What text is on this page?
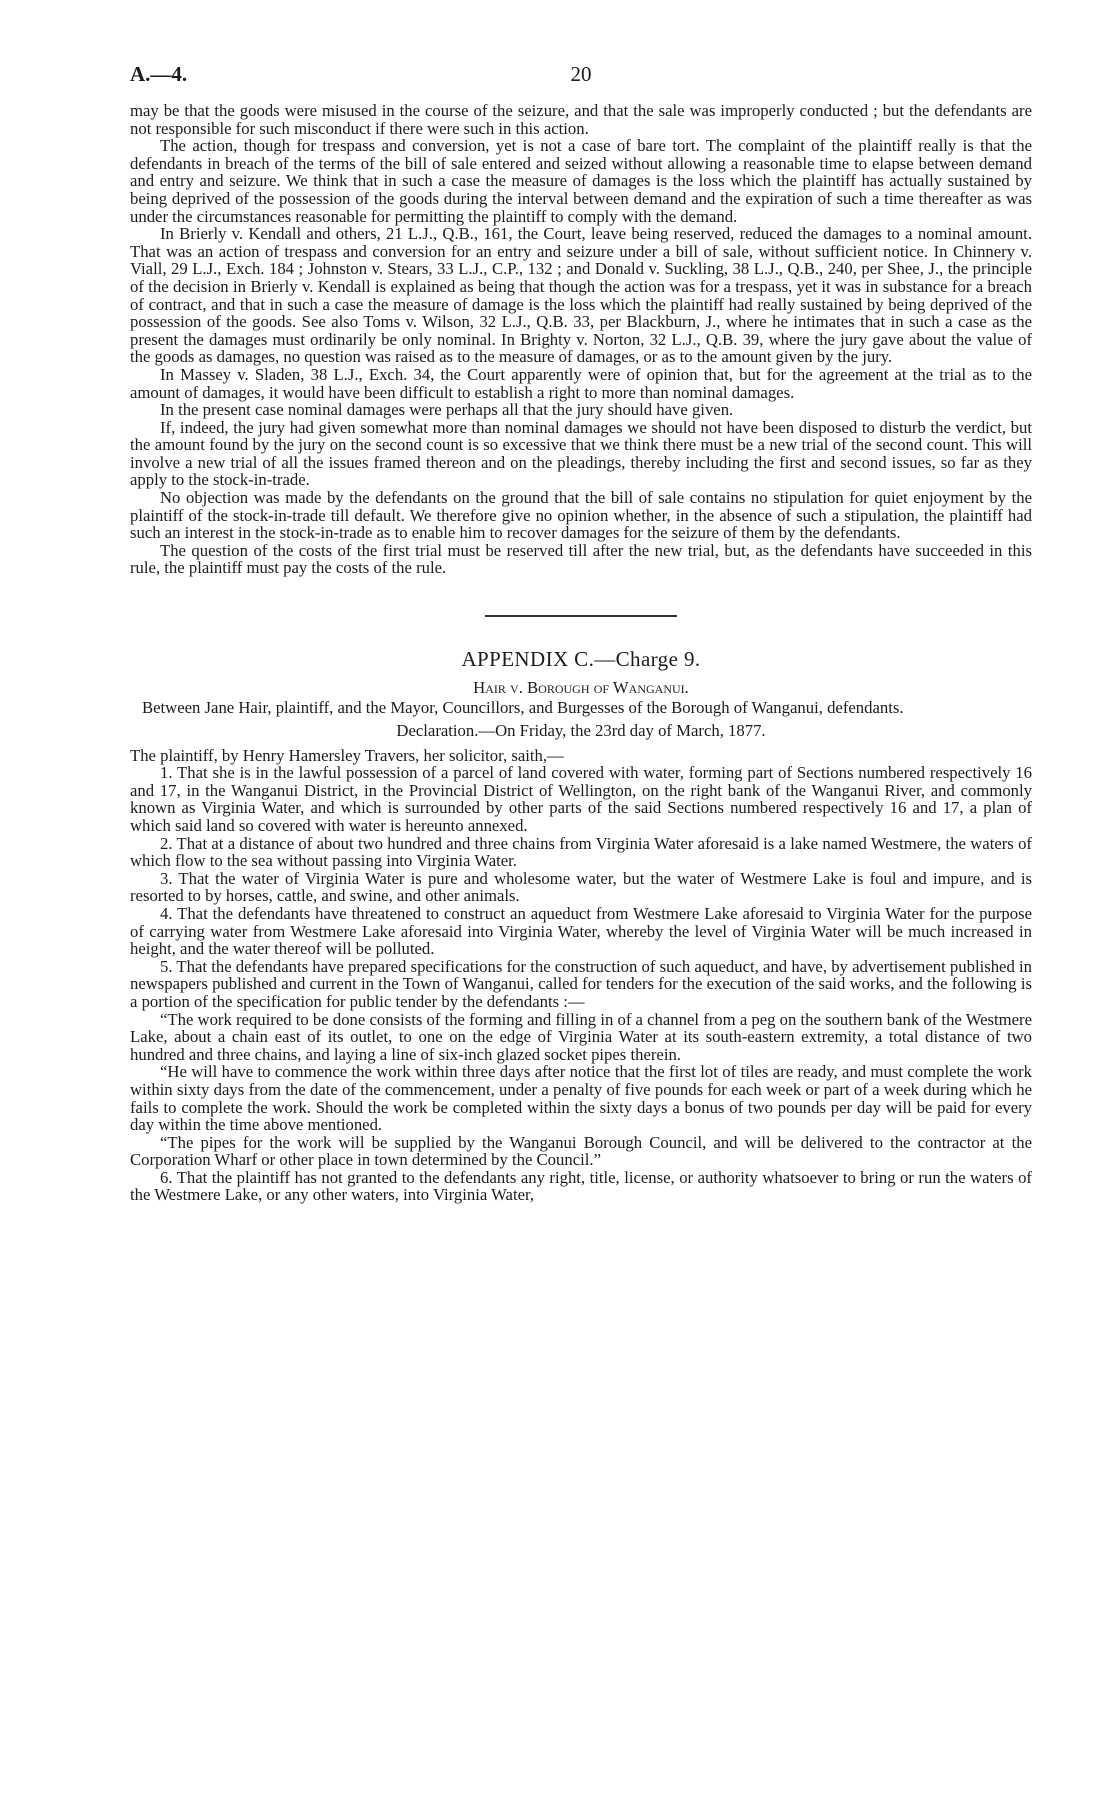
A.—4.	20

may be that the goods were misused in the course of the seizure, and that the sale was improperly conducted ; but the defendants are not responsible for such misconduct if there were such in this action.

The action, though for trespass and conversion, yet is not a case of bare tort. The complaint of the plaintiff really is that the defendants in breach of the terms of the bill of sale entered and seized without allowing a reasonable time to elapse between demand and entry and seizure. We think that in such a case the measure of damages is the loss which the plaintiff has actually sustained by being deprived of the possession of the goods during the interval between demand and the expiration of such a time thereafter as was under the circumstances reasonable for permitting the plaintiff to comply with the demand.

In Brierly v. Kendall and others, 21 L.J., Q.B., 161, the Court, leave being reserved, reduced the damages to a nominal amount. That was an action of trespass and conversion for an entry and seizure under a bill of sale, without sufficient notice. In Chinnery v. Viall, 29 L.J., Exch. 184 ; Johnston v. Stears, 33 L.J., C.P., 132 ; and Donald v. Suckling, 38 L.J., Q.B., 240, per Shee, J., the principle of the decision in Brierly v. Kendall is explained as being that though the action was for a trespass, yet it was in substance for a breach of contract, and that in such a case the measure of damage is the loss which the plaintiff had really sustained by being deprived of the possession of the goods. See also Toms v. Wilson, 32 L.J., Q.B. 33, per Blackburn, J., where he intimates that in such a case as the present the damages must ordinarily be only nominal. In Brighty v. Norton, 32 L.J., Q.B. 39, where the jury gave about the value of the goods as damages, no question was raised as to the measure of damages, or as to the amount given by the jury.

In Massey v. Sladen, 38 L.J., Exch. 34, the Court apparently were of opinion that, but for the agreement at the trial as to the amount of damages, it would have been difficult to establish a right to more than nominal damages.

In the present case nominal damages were perhaps all that the jury should have given.

If, indeed, the jury had given somewhat more than nominal damages we should not have been disposed to disturb the verdict, but the amount found by the jury on the second count is so excessive that we think there must be a new trial of the second count. This will involve a new trial of all the issues framed thereon and on the pleadings, thereby including the first and second issues, so far as they apply to the stock-in-trade.

No objection was made by the defendants on the ground that the bill of sale contains no stipulation for quiet enjoyment by the plaintiff of the stock-in-trade till default. We therefore give no opinion whether, in the absence of such a stipulation, the plaintiff had such an interest in the stock-in-trade as to enable him to recover damages for the seizure of them by the defendants.

The question of the costs of the first trial must be reserved till after the new trial, but, as the defendants have succeeded in this rule, the plaintiff must pay the costs of the rule.

APPENDIX C.—Charge 9.
Hair v. Borough of Wanganui.

Between Jane Hair, plaintiff, and the Mayor, Councillors, and Burgesses of the Borough of Wanganui, defendants.

Declaration.—On Friday, the 23rd day of March, 1877.

The plaintiff, by Henry Hamersley Travers, her solicitor, saith,—

1. That she is in the lawful possession of a parcel of land covered with water, forming part of Sections numbered respectively 16 and 17, in the Wanganui District, in the Provincial District of Wellington, on the right bank of the Wanganui River, and commonly known as Virginia Water, and which is surrounded by other parts of the said Sections numbered respectively 16 and 17, a plan of which said land so covered with water is hereunto annexed.

2. That at a distance of about two hundred and three chains from Virginia Water aforesaid is a lake named Westmere, the waters of which flow to the sea without passing into Virginia Water.

3. That the water of Virginia Water is pure and wholesome water, but the water of Westmere Lake is foul and impure, and is resorted to by horses, cattle, and swine, and other animals.

4. That the defendants have threatened to construct an aqueduct from Westmere Lake aforesaid to Virginia Water for the purpose of carrying water from Westmere Lake aforesaid into Virginia Water, whereby the level of Virginia Water will be much increased in height, and the water thereof will be polluted.

5. That the defendants have prepared specifications for the construction of such aqueduct, and have, by advertisement published in newspapers published and current in the Town of Wanganui, called for tenders for the execution of the said works, and the following is a portion of the specification for public tender by the defendants :—

“The work required to be done consists of the forming and filling in of a channel from a peg on the southern bank of the Westmere Lake, about a chain east of its outlet, to one on the edge of Virginia Water at its south-eastern extremity, a total distance of two hundred and three chains, and laying a line of six-inch glazed socket pipes therein.

“He will have to commence the work within three days after notice that the first lot of tiles are ready, and must complete the work within sixty days from the date of the commencement, under a penalty of five pounds for each week or part of a week during which he fails to complete the work. Should the work be completed within the sixty days a bonus of two pounds per day will be paid for every day within the time above mentioned.

“The pipes for the work will be supplied by the Wanganui Borough Council, and will be delivered to the contractor at the Corporation Wharf or other place in town determined by the Council.”

6. That the plaintiff has not granted to the defendants any right, title, license, or authority whatsoever to bring or run the waters of the Westmere Lake, or any other waters, into Virginia Water,
